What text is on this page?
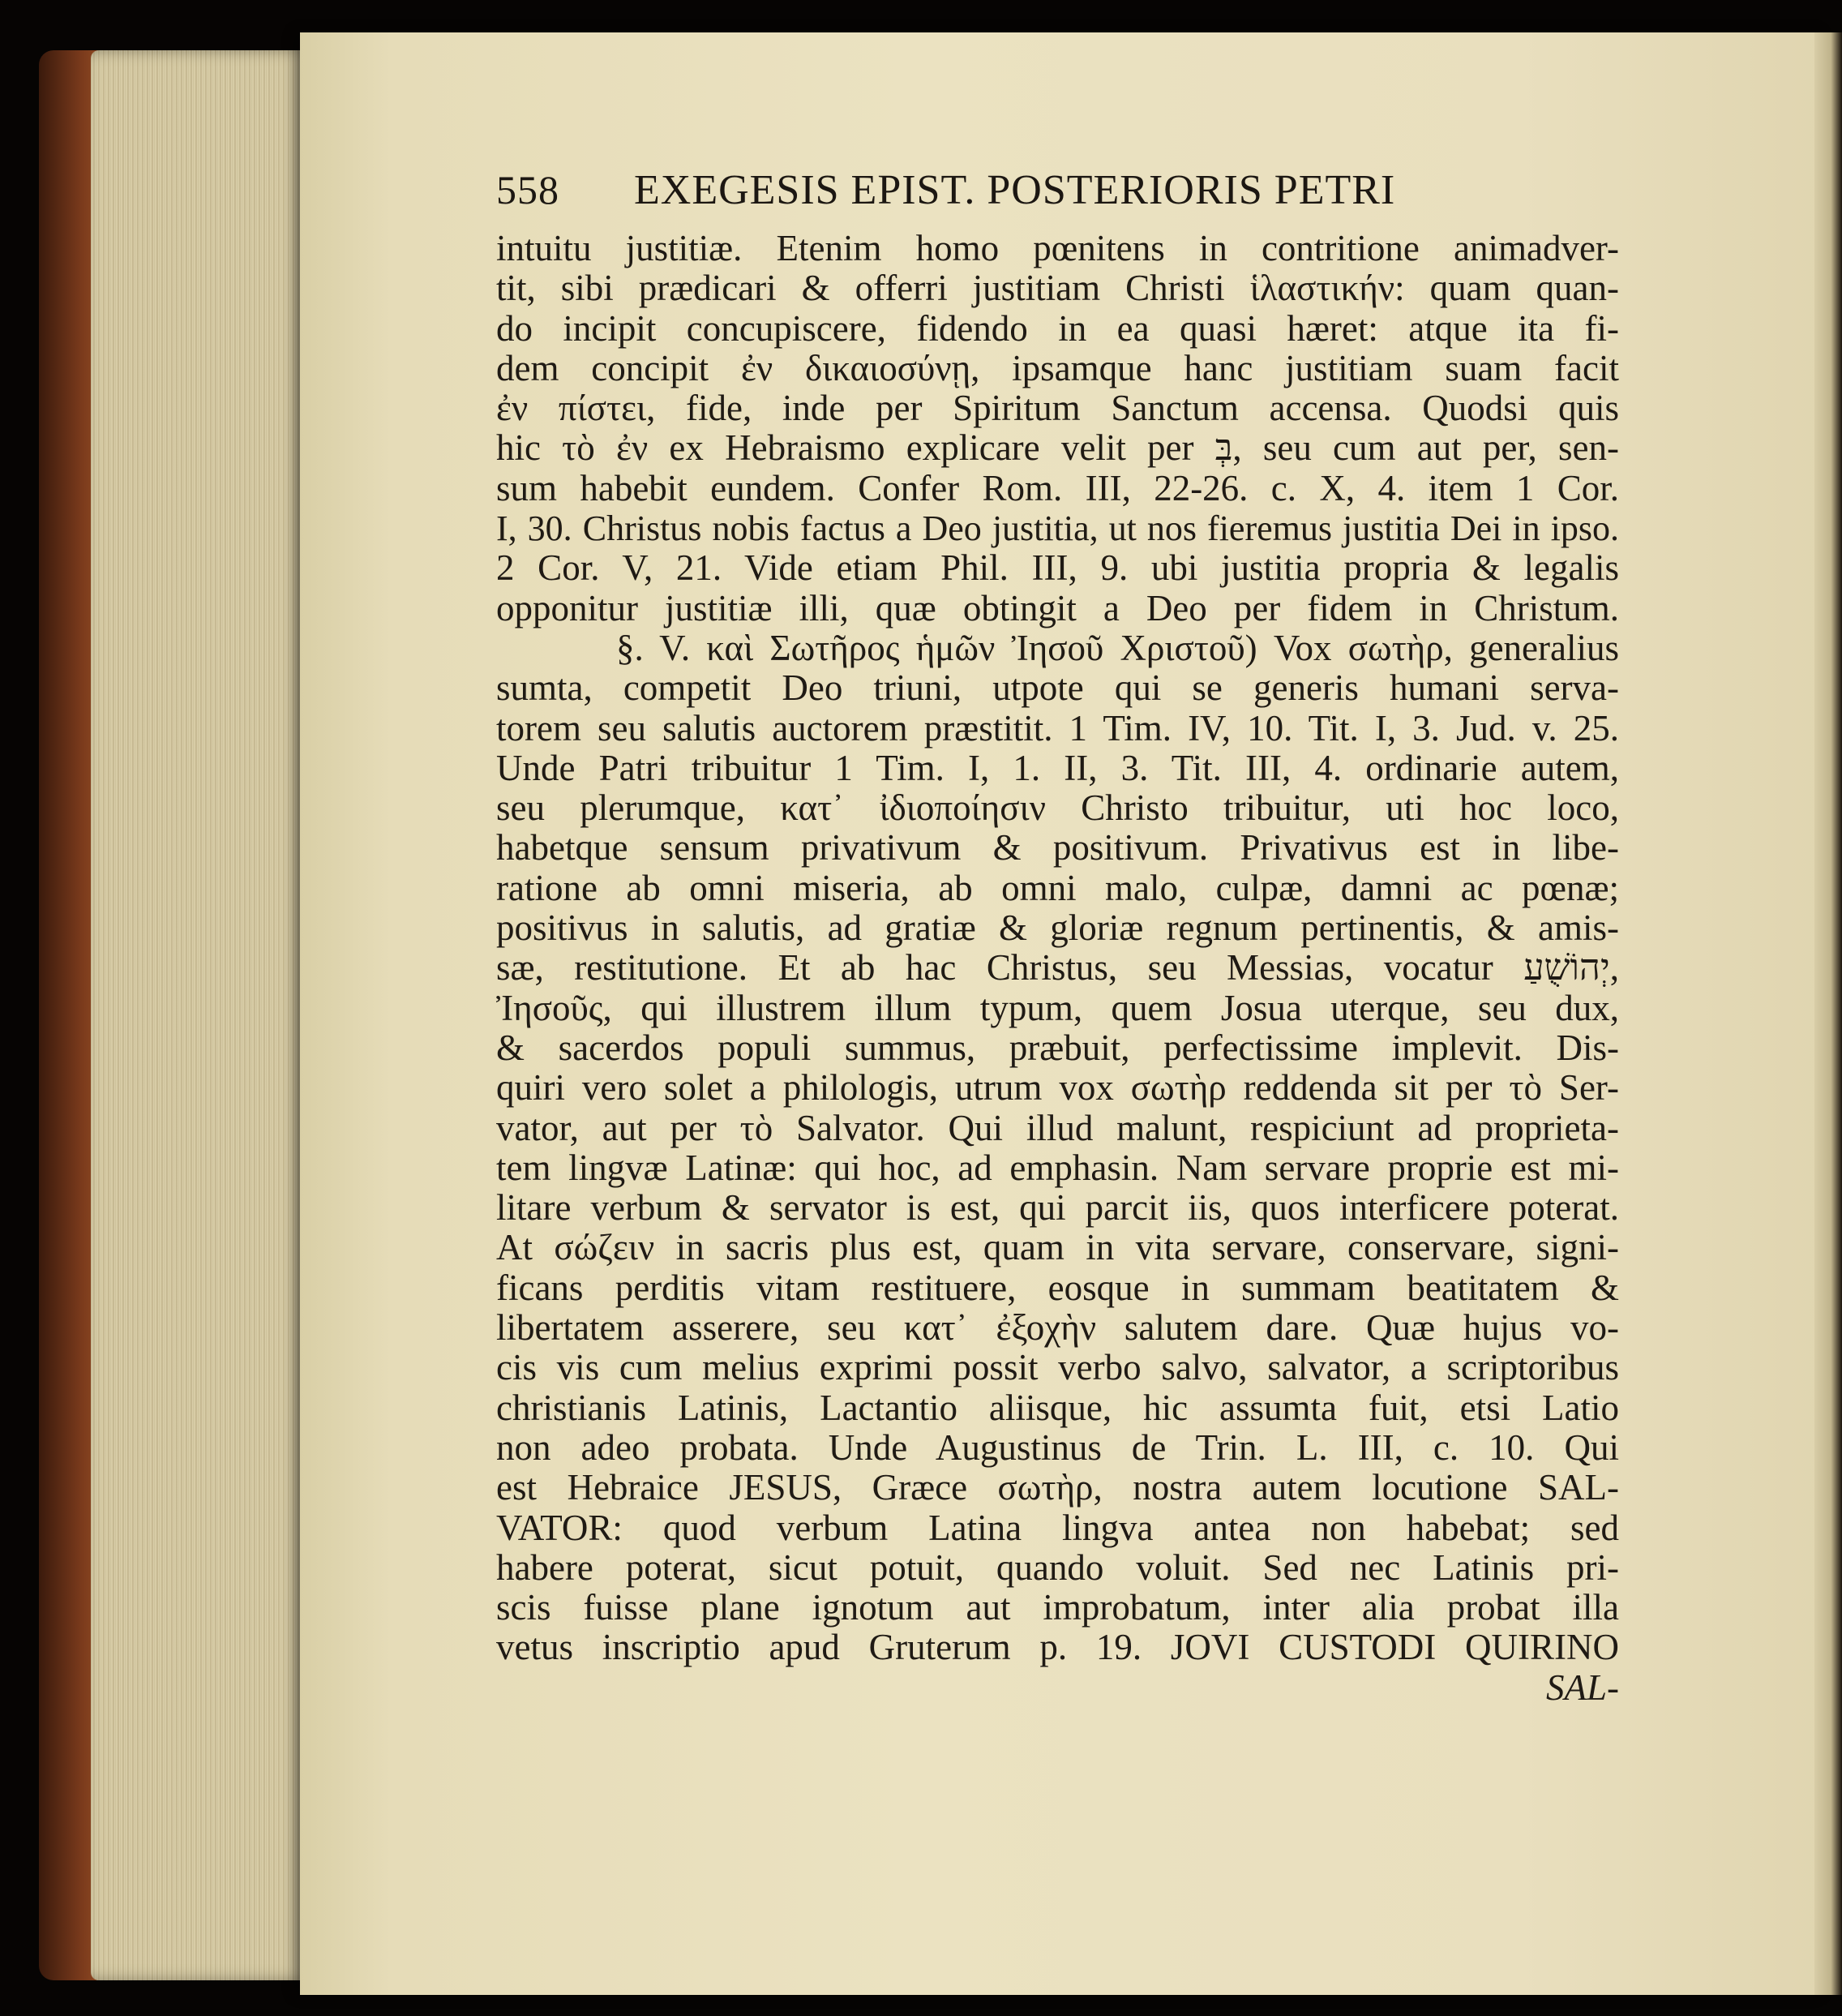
558 EXEGESIS EPIST. POSTERIORIS PETRI
intuitu justitiæ. Etenim homo pœnitens in contritione animadver-
tit, sibi prædicari & offerri justitiam Christi ἱλαστικήν: quam quan-
do incipit concupiscere, fidendo in ea quasi hæret: atque ita fi-
dem concipit ἐν δικαιοσύνῃ, ipsamque hanc justitiam suam facit
ἐν πίστει, fide, inde per Spiritum Sanctum accensa. Quodsi quis
hic τὸ ἐν ex Hebraismo explicare velit per בְּ, seu cum aut per, sen-
sum habebit eundem. Confer Rom. III, 22-26. c. X, 4. item 1 Cor.
I, 30. Christus nobis factus a Deo justitia, ut nos fieremus justitia Dei in ipso.
2 Cor. V, 21. Vide etiam Phil. III, 9. ubi justitia propria & legalis
opponitur justitiæ illi, quæ obtingit a Deo per fidem in Christum.
§. V. καὶ Σωτῆρος ἡμῶν Ἰησοῦ Χριστοῦ) Vox σωτὴρ, generalius
sumta, competit Deo triuni, utpote qui se generis humani serva-
torem seu salutis auctorem præstitit. 1 Tim. IV, 10. Tit. I, 3. Jud. v. 25.
Unde Patri tribuitur 1 Tim. I, 1. II, 3. Tit. III, 4. ordinarie autem,
seu plerumque, κατ᾽ ἰδιοποίησιν Christo tribuitur, uti hoc loco,
habetque sensum privativum & positivum. Privativus est in libe-
ratione ab omni miseria, ab omni malo, culpæ, damni ac pœnæ;
positivus in salutis, ad gratiæ & gloriæ regnum pertinentis, & amis-
sæ, restitutione. Et ab hac Christus, seu Messias, vocatur יְהוֹשֻׁעַ,
Ἰησοῦς, qui illustrem illum typum, quem Josua uterque, seu dux,
& sacerdos populi summus, præbuit, perfectissime implevit. Dis-
quiri vero solet a philologis, utrum vox σωτὴρ reddenda sit per τὸ Ser-
vator, aut per τὸ Salvator. Qui illud malunt, respiciunt ad proprieta-
tem lingvæ Latinæ: qui hoc, ad emphasin. Nam servare proprie est mi-
litare verbum & servator is est, qui parcit iis, quos interficere poterat.
At σώζειν in sacris plus est, quam in vita servare, conservare, signi-
ficans perditis vitam restituere, eosque in summam beatitatem &
libertatem asserere, seu κατ᾽ ἐξοχὴν salutem dare. Quæ hujus vo-
cis vis cum melius exprimi possit verbo salvo, salvator, a scriptoribus
christianis Latinis, Lactantio aliisque, hic assumta fuit, etsi Latio
non adeo probata. Unde Augustinus de Trin. L. III, c. 10. Qui
est Hebraice JESUS, Græce σωτὴρ, nostra autem locutione SAL-
VATOR: quod verbum Latina lingva antea non habebat; sed
habere poterat, sicut potuit, quando voluit. Sed nec Latinis pri-
scis fuisse plane ignotum aut improbatum, inter alia probat illa
vetus inscriptio apud Gruterum p. 19. JOVI CUSTODI QUIRINO
SAL-
